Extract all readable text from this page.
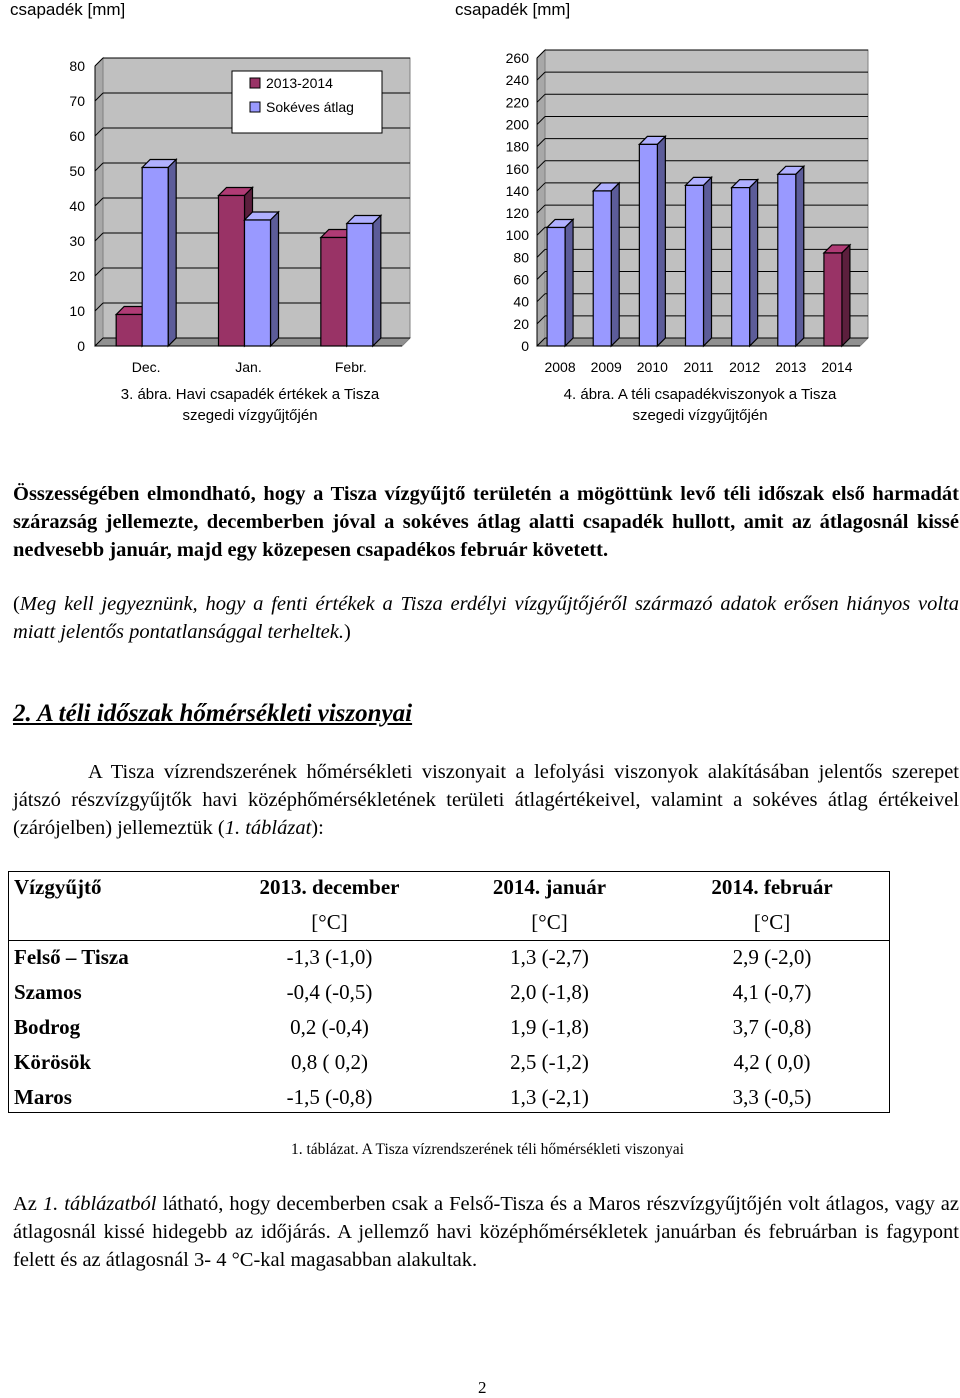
csapadék [mm]
0
10
20
30
40
50
60
70
80
Dec.	Jan.	Febr.
2013-2014
Sokéves átlag
3. ábra. Havi csapadék értékek a Tisza
szegedi vízgyűjtőjén
csapadék [mm]
0
20
40
60
80
100
120
140
160
180
200
220
240
260
2008 2009 2010 2011 2012 2013 2014
4. ábra. A téli csapadékviszonyok a Tisza
szegedi vízgyűjtőjén
Összességében elmondható, hogy a Tisza vízgyűjtő területén a mögöttünk levő téli időszak első harmadát szárazság jellemezte, decemberben jóval a sokéves átlag alatti csapadék hullott, amit az átlagosnál kissé nedvesebb január, majd egy közepesen csapadékos február követett.
(Meg kell jegyeznünk, hogy a fenti értékek a Tisza erdélyi vízgyűjtőjéről származó adatok erősen hiányos volta miatt jelentős pontatlansággal terheltek.)
2. A téli időszak hőmérsékleti viszonyai
A Tisza vízrendszerének hőmérsékleti viszonyait a lefolyási viszonyok alakításában jelentős szerepet játszó részvízgyűjtők havi középhőmérsékletének területi átlagértékeivel, valamint a sokéves átlag értékeivel (zárójelben) jellemeztük (1. táblázat):
Vízgyűjtő	2013. december	2014. január	2014. február
	[°C]	[°C]	[°C]
Felső – Tisza	-1,3 (-1,0)	1,3 (-2,7)	2,9 (-2,0)
Szamos	-0,4 (-0,5)	2,0 (-1,8)	4,1 (-0,7)
Bodrog	0,2 (-0,4)	1,9 (-1,8)	3,7 (-0,8)
Körösök	0,8 ( 0,2)	2,5 (-1,2)	4,2 ( 0,0)
Maros	-1,5 (-0,8)	1,3 (-2,1)	3,3 (-0,5)
1. táblázat. A Tisza vízrendszerének téli hőmérsékleti viszonyai
Az 1. táblázatból látható, hogy decemberben csak a Felső-Tisza és a Maros részvízgyűjtőjén volt átlagos, vagy az átlagosnál kissé hidegebb az időjárás. A jellemző havi középhőmérsékletek januárban és februárban is fagypont felett és az átlagosnál 3- 4 °C-kal magasabban alakultak.
2
